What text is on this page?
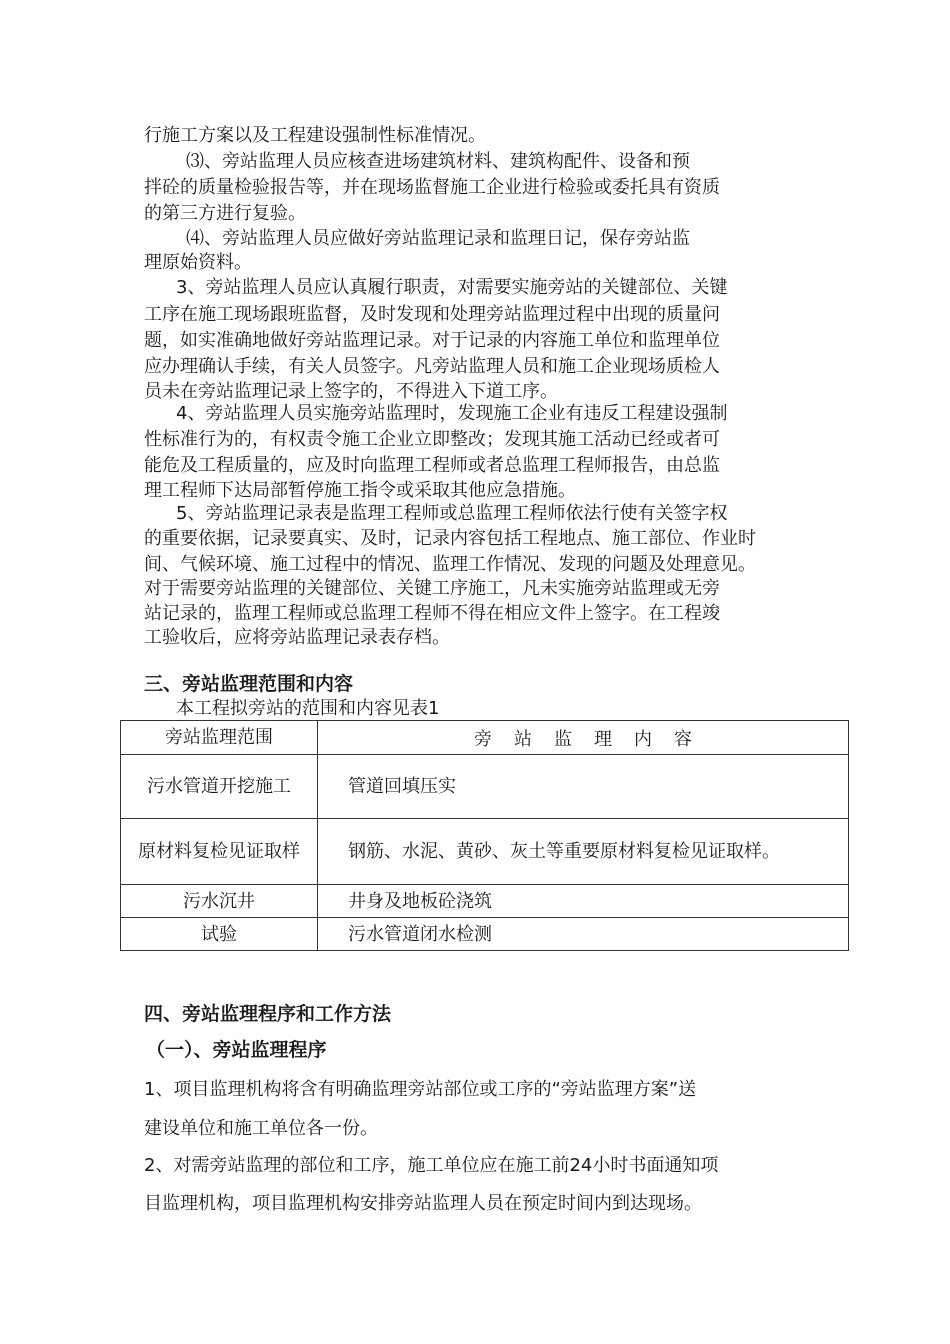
行施工方案以及工程建设强制性标准情况。
⑶、旁站监理人员应核查进场建筑材料、建筑构配件、设备和预
拌砼的质量检验报告等，并在现场监督施工企业进行检验或委托具有资质
的第三方进行复验。
⑷、旁站监理人员应做好旁站监理记录和监理日记，保存旁站监
理原始资料。
3、旁站监理人员应认真履行职责，对需要实施旁站的关键部位、关键
工序在施工现场跟班监督，及时发现和处理旁站监理过程中出现的质量问
题，如实准确地做好旁站监理记录。对于记录的内容施工单位和监理单位
应办理确认手续，有关人员签字。凡旁站监理人员和施工企业现场质检人
员未在旁站监理记录上签字的，不得进入下道工序。
4、旁站监理人员实施旁站监理时，发现施工企业有违反工程建设强制
性标准行为的，有权责令施工企业立即整改；发现其施工活动已经或者可
能危及工程质量的，应及时向监理工程师或者总监理工程师报告，由总监
理工程师下达局部暂停施工指令或采取其他应急措施。
5、旁站监理记录表是监理工程师或总监理工程师依法行使有关签字权
的重要依据，记录要真实、及时，记录内容包括工程地点、施工部位、作业时
间、气候环境、施工过程中的情况、监理工作情况、发现的问题及处理意见。
对于需要旁站监理的关键部位、关键工序施工，凡未实施旁站监理或无旁
站记录的，监理工程师或总监理工程师不得在相应文件上签字。在工程竣
工验收后，应将旁站监理记录表存档。
三、旁站监理范围和内容
本工程拟旁站的范围和内容见表1
旁站监理范围	旁站监理内容

污水管道开挖施工	管道回填压实
原材料复检见证取样	钢筋、水泥、黄砂、灰土等重要原材料复检见证取样。
污水沉井	井身及地板砼浇筑
试验	污水管道闭水检测
四、旁站监理程序和工作方法
（一）、旁站监理程序
1、项目监理机构将含有明确监理旁站部位或工序的“旁站监理方案”送
建设单位和施工单位各一份。
2、对需旁站监理的部位和工序，施工单位应在施工前24小时书面通知项
目监理机构，项目监理机构安排旁站监理人员在预定时间内到达现场。
